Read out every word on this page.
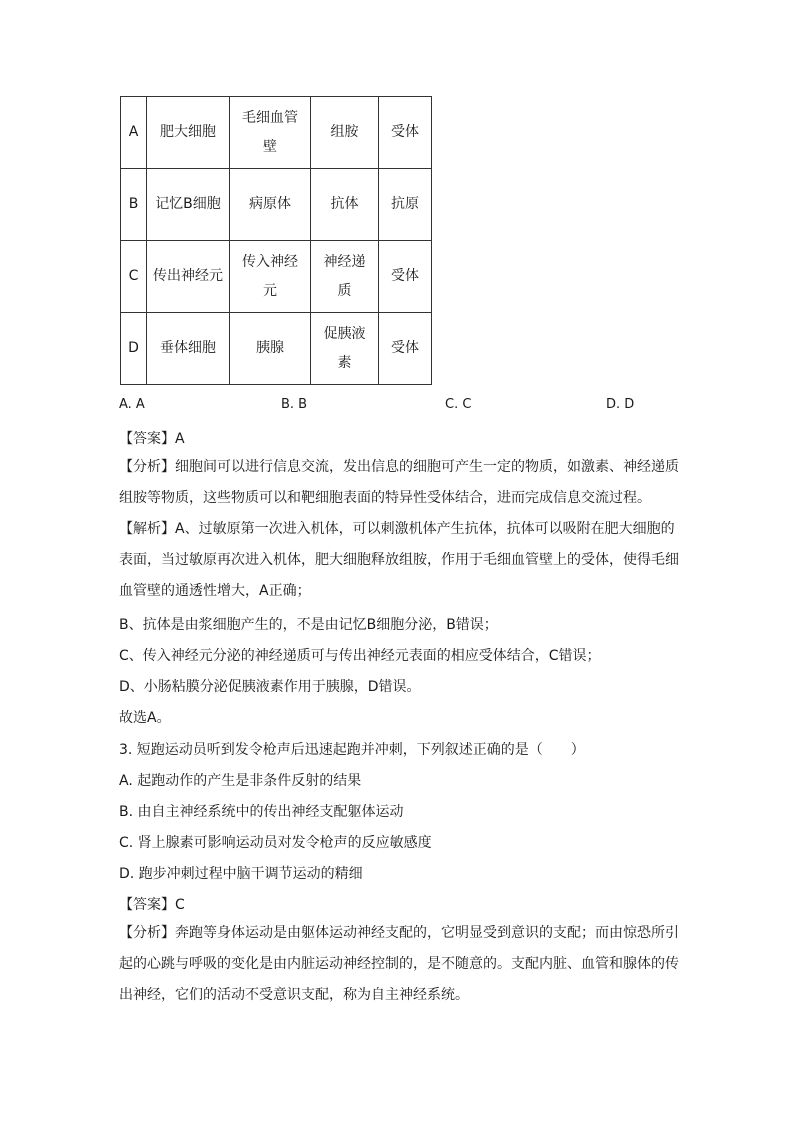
A	肥大细胞	毛细血管壁	组胺	受体
B	记忆B细胞	病原体	抗体	抗原
C	传出神经元	传入神经元	神经递质	受体
D	垂体细胞	胰腺	促胰液素	受体
A. A	B. B	C. C	D. D
【答案】A
【分析】细胞间可以进行信息交流，发出信息的细胞可产生一定的物质，如激素、神经递质组胺等物质，这些物质可以和靶细胞表面的特异性受体结合，进而完成信息交流过程。
【解析】A、过敏原第一次进入机体，可以刺激机体产生抗体，抗体可以吸附在肥大细胞的表面，当过敏原再次进入机体，肥大细胞释放组胺，作用于毛细血管壁上的受体，使得毛细血管壁的通透性增大，A正确；
B、抗体是由浆细胞产生的，不是由记忆B细胞分泌，B错误；
C、传入神经元分泌的神经递质可与传出神经元表面的相应受体结合，C错误；
D、小肠粘膜分泌促胰液素作用于胰腺，D错误。
故选A。
3. 短跑运动员听到发令枪声后迅速起跑并冲刺，下列叙述正确的是（　　）
A. 起跑动作的产生是非条件反射的结果
B. 由自主神经系统中的传出神经支配躯体运动
C. 肾上腺素可影响运动员对发令枪声的反应敏感度
D. 跑步冲刺过程中脑干调节运动的精细
【答案】C
【分析】奔跑等身体运动是由躯体运动神经支配的，它明显受到意识的支配；而由惊恐所引起的心跳与呼吸的变化是由内脏运动神经控制的，是不随意的。支配内脏、血管和腺体的传出神经，它们的活动不受意识支配，称为自主神经系统。
